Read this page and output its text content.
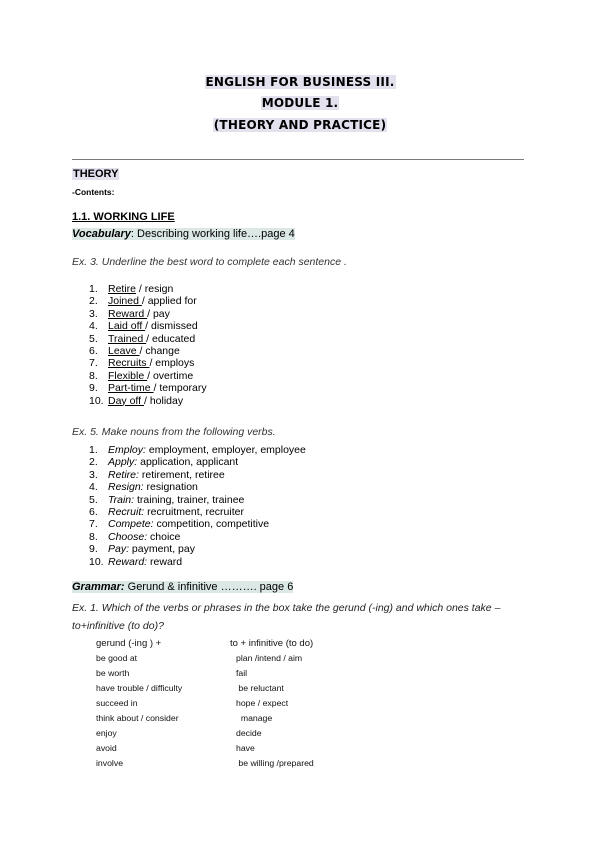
ENGLISH FOR BUSINESS III.
MODULE 1.
(THEORY AND PRACTICE)
THEORY
-Contents:
1.1. WORKING LIFE
Vocabulary: Describing working life….page 4
Ex. 3. Underline the best word to complete each sentence .
1. Retire / resign
2. Joined / applied for
3. Reward / pay
4. Laid off / dismissed
5. Trained / educated
6. Leave / change
7. Recruits / employs
8. Flexible / overtime
9. Part-time / temporary
10. Day off / holiday
Ex. 5. Make nouns from the following verbs.
1. Employ: employment, employer, employee
2. Apply: application, applicant
3. Retire: retirement, retiree
4. Resign: resignation
5. Train: training, trainer, trainee
6. Recruit: recruitment, recruiter
7. Compete: competition, competitive
8. Choose: choice
9. Pay: payment, pay
10. Reward: reward
Grammar: Gerund & infinitive ………. page 6
Ex. 1. Which of the verbs or phrases in the box take the gerund (-ing) and which ones take –to+infinitive (to do)?
gerund (-ing ) +
be good at
be worth
have trouble / difficulty
succeed in
think about / consider
enjoy
avoid
involve
to + infinitive (to do)
plan /intend / aim
fail
be reluctant
hope / expect
manage
decide
have
be willing /prepared
